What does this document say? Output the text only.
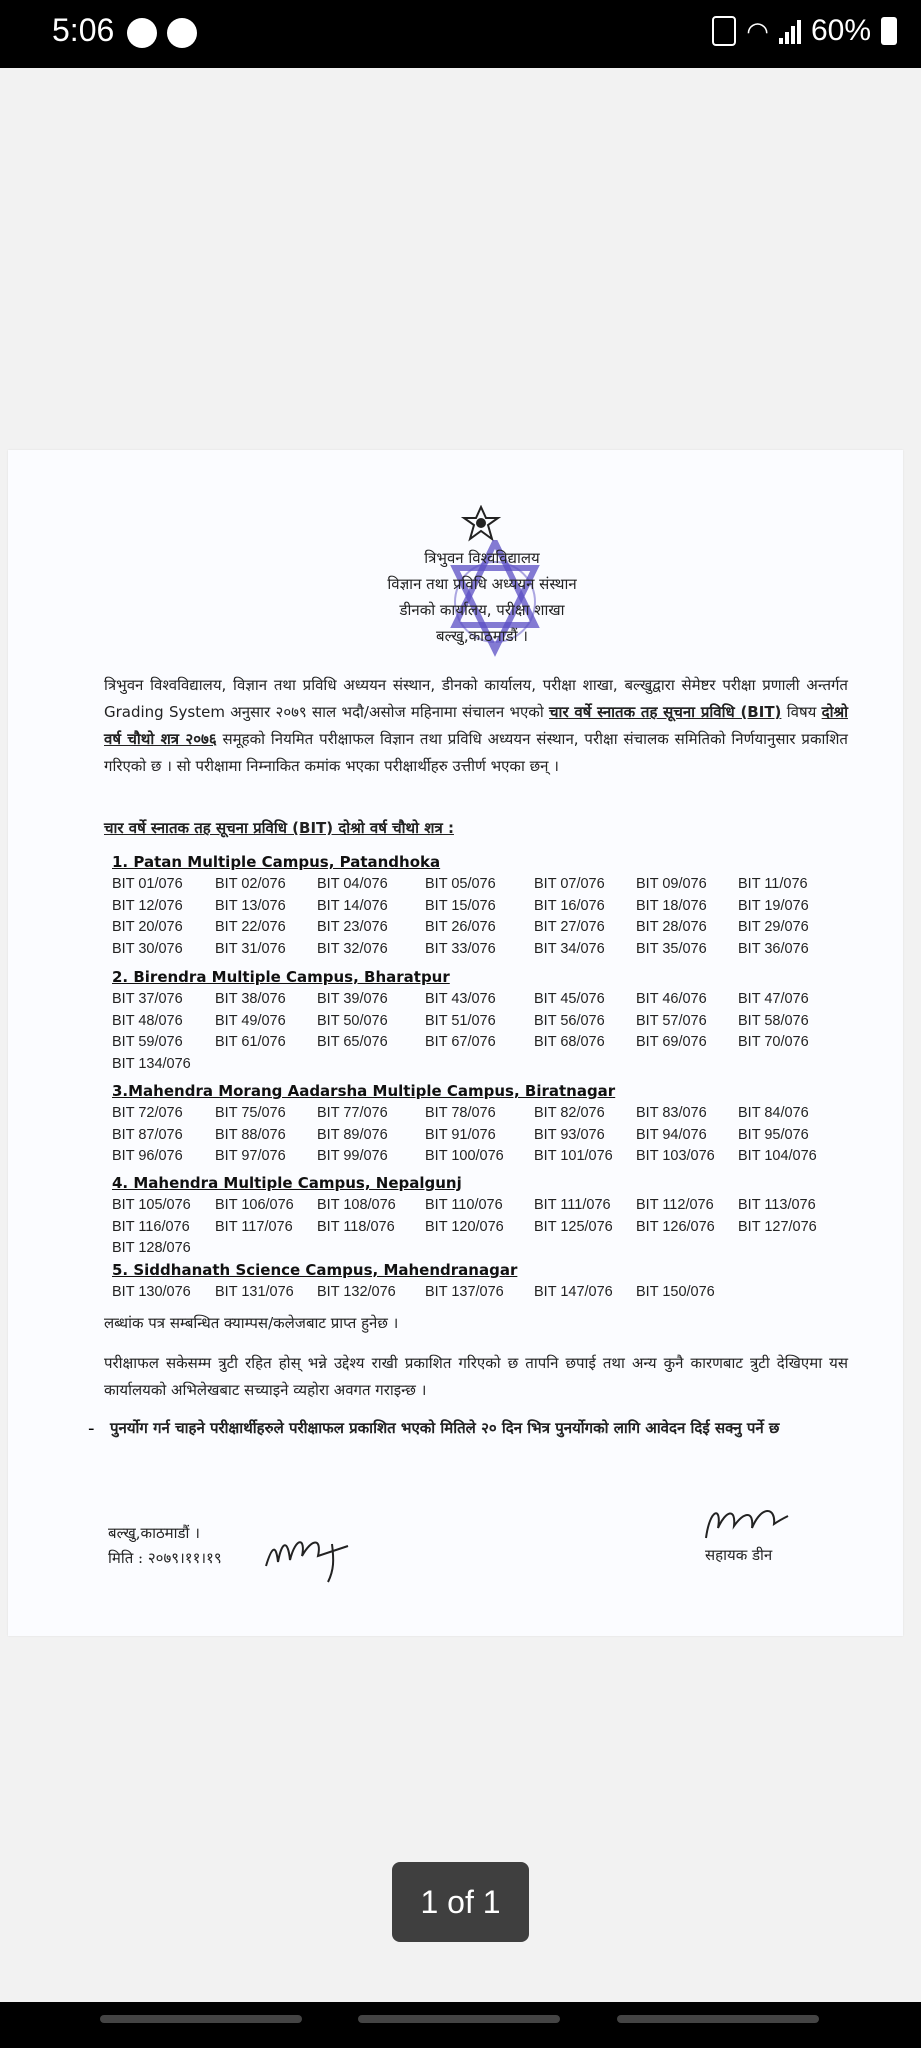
5:06	◠ 60%
त्रिभुवन विश्वविद्यालय
विज्ञान तथा प्रविधि अध्ययन संस्थान
डीनको कार्यालय, परीक्षा शाखा
बल्खु,काठमाडौं ।
त्रिभुवन विश्वविद्यालय, विज्ञान तथा प्रविधि अध्ययन संस्थान, डीनको कार्यालय, परीक्षा शाखा, बल्खुद्वारा सेमेष्टर परीक्षा प्रणाली अन्तर्गत Grading System अनुसार २०७९ साल भदौ/असोज महिनामा संचालन भएको चार वर्षे स्नातक तह सूचना प्रविधि (BIT) विषय दोश्रो वर्ष चौथो शत्र २०७६ समूहको नियमित परीक्षाफल विज्ञान तथा प्रविधि अध्ययन संस्थान, परीक्षा संचालक समितिको निर्णयानुसार प्रकाशित गरिएको छ । सो परीक्षामा निम्नाकित कमांक भएका परीक्षार्थीहरु उत्तीर्ण भएका छन् ।
चार वर्षे स्नातक तह सूचना प्रविधि (BIT) दोश्रो वर्ष चौथो शत्र :
1. Patan Multiple Campus, Patandhoka
2. Birendra Multiple Campus, Bharatpur
3.Mahendra Morang Aadarsha Multiple Campus, Biratnagar
4. Mahendra Multiple Campus, Nepalgunj
5. Siddhanath Science Campus, Mahendranagar
BIT 01/076 BIT 02/076 BIT 04/076	BIT 05/076	BIT 07/076 BIT 09/076 BIT 11/076
BIT 12/076 BIT 13/076 BIT 14/076	BIT 15/076	BIT 16/076 BIT 18/076 BIT 19/076
BIT 20/076 BIT 22/076 BIT 23/076	BIT 26/076	BIT 27/076 BIT 28/076 BIT 29/076
BIT 30/076 BIT 31/076 BIT 32/076	BIT 33/076	BIT 34/076 BIT 35/076 BIT 36/076
BIT 37/076 BIT 38/076 BIT 39/076	BIT 43/076	BIT 45/076 BIT 46/076 BIT 47/076
BIT 48/076 BIT 49/076 BIT 50/076	BIT 51/076	BIT 56/076 BIT 57/076 BIT 58/076
BIT 59/076 BIT 61/076 BIT 65/076	BIT 67/076	BIT 68/076 BIT 69/076 BIT 70/076
BIT 134/076
BIT 72/076 BIT 75/076 BIT 77/076	BIT 78/076	BIT 82/076 BIT 83/076 BIT 84/076
BIT 87/076 BIT 88/076 BIT 89/076	BIT 91/076	BIT 93/076 BIT 94/076 BIT 95/076
BIT 96/076 BIT 97/076 BIT 99/076	BIT 100/076 BIT 101/076 BIT 103/076 BIT 104/076
BIT 105/076 BIT 106/076 BIT 108/076 BIT 110/076 BIT 111/076 BIT 112/076 BIT 113/076
BIT 116/076 BIT 117/076 BIT 118/076 BIT 120/076 BIT 125/076 BIT 126/076 BIT 127/076
BIT 128/076
BIT 130/076 BIT 131/076 BIT 132/076 BIT 137/076 BIT 147/076 BIT 150/076
लब्धांक पत्र सम्बन्धित क्याम्पस/कलेजबाट प्राप्त हुनेछ ।
परीक्षाफल सकेसम्म त्रुटी रहित होस् भन्ने उद्देश्य राखी प्रकाशित गरिएको छ तापनि छपाई तथा अन्य कुनै कारणबाट त्रुटी देखिएमा यस कार्यालयको अभिलेखबाट सच्याइने व्यहोरा अवगत गराइन्छ ।
- पुनर्योग गर्न चाहने परीक्षार्थीहरुले परीक्षाफल प्रकाशित भएको मितिले २० दिन भित्र पुनर्योगको लागि आवेदन दिई सक्नु पर्ने छ
बल्खु,काठमाडौं ।
मिति : २०७९।११।१९	सहायक डीन
1 of 1
